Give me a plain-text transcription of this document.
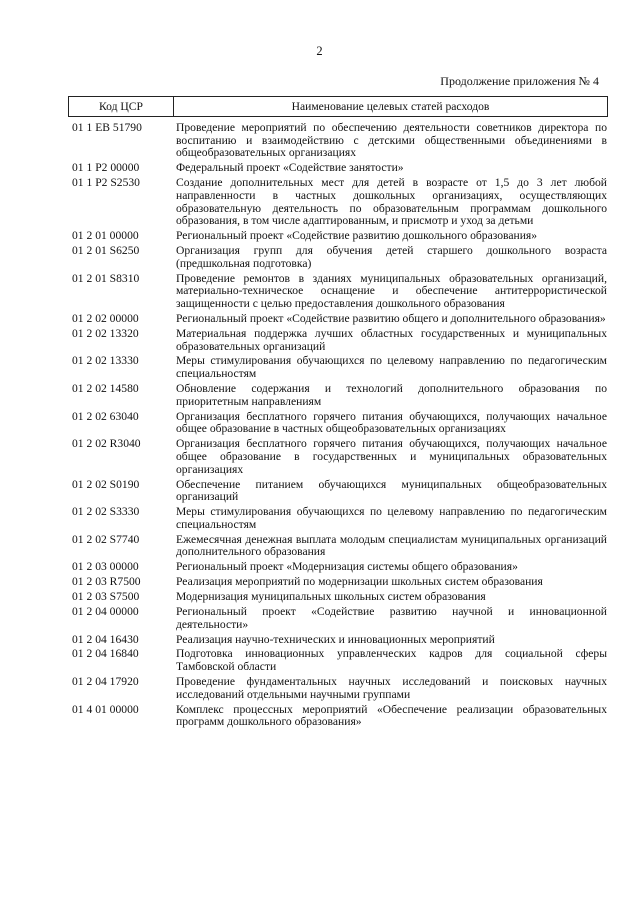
2
Продолжение приложения № 4
Код ЦСР	Наименование целевых статей расходов
01 1 ЕВ 51790	Проведение мероприятий по обеспечению деятельности советников директора по воспитанию и взаимодействию с детскими общественными объединениями в общеобразовательных организациях
01 1 Р2 00000	Федеральный проект «Содействие занятости»
01 1 Р2 S2530	Создание дополнительных мест для детей в возрасте от 1,5 до 3 лет любой направленности в частных дошкольных организациях, осуществляющих образовательную деятельность по образовательным программам дошкольного образования, в том числе адаптированным, и присмотр и уход за детьми
01 2 01 00000	Региональный проект «Содействие развитию дошкольного образования»
01 2 01 S6250	Организация групп для обучения детей старшего дошкольного возраста (предшкольная подготовка)
01 2 01 S8310	Проведение ремонтов в зданиях муниципальных образовательных организаций, материально-техническое оснащение и обеспечение антитеррористической защищенности с целью предоставления дошкольного образования
01 2 02 00000	Региональный проект «Содействие развитию общего и дополнительного образования»
01 2 02 13320	Материальная поддержка лучших областных государственных и муниципальных образовательных организаций
01 2 02 13330	Меры стимулирования обучающихся по целевому направлению по педагогическим специальностям
01 2 02 14580	Обновление содержания и технологий дополнительного образования по приоритетным направлениям
01 2 02 63040	Организация бесплатного горячего питания обучающихся, получающих начальное общее образование в частных общеобразовательных организациях
01 2 02 R3040	Организация бесплатного горячего питания обучающихся, получающих начальное общее образование в государственных и муниципальных образовательных организациях
01 2 02 S0190	Обеспечение питанием обучающихся муниципальных общеобразовательных организаций
01 2 02 S3330	Меры стимулирования обучающихся по целевому направлению по педагогическим специальностям
01 2 02 S7740	Ежемесячная денежная выплата молодым специалистам муниципальных организаций дополнительного образования
01 2 03 00000	Региональный проект «Модернизация системы общего образования»
01 2 03 R7500	Реализация мероприятий по модернизации школьных систем образования
01 2 03 S7500	Модернизация муниципальных школьных систем образования
01 2 04 00000	Региональный проект «Содействие развитию научной и инновационной деятельности»
01 2 04 16430	Реализация научно-технических и инновационных мероприятий
01 2 04 16840	Подготовка инновационных управленческих кадров для социальной сферы Тамбовской области
01 2 04 17920	Проведение фундаментальных научных исследований и поисковых научных исследований отдельными научными группами
01 4 01 00000	Комплекс процессных мероприятий «Обеспечение реализации образовательных программ дошкольного образования»
